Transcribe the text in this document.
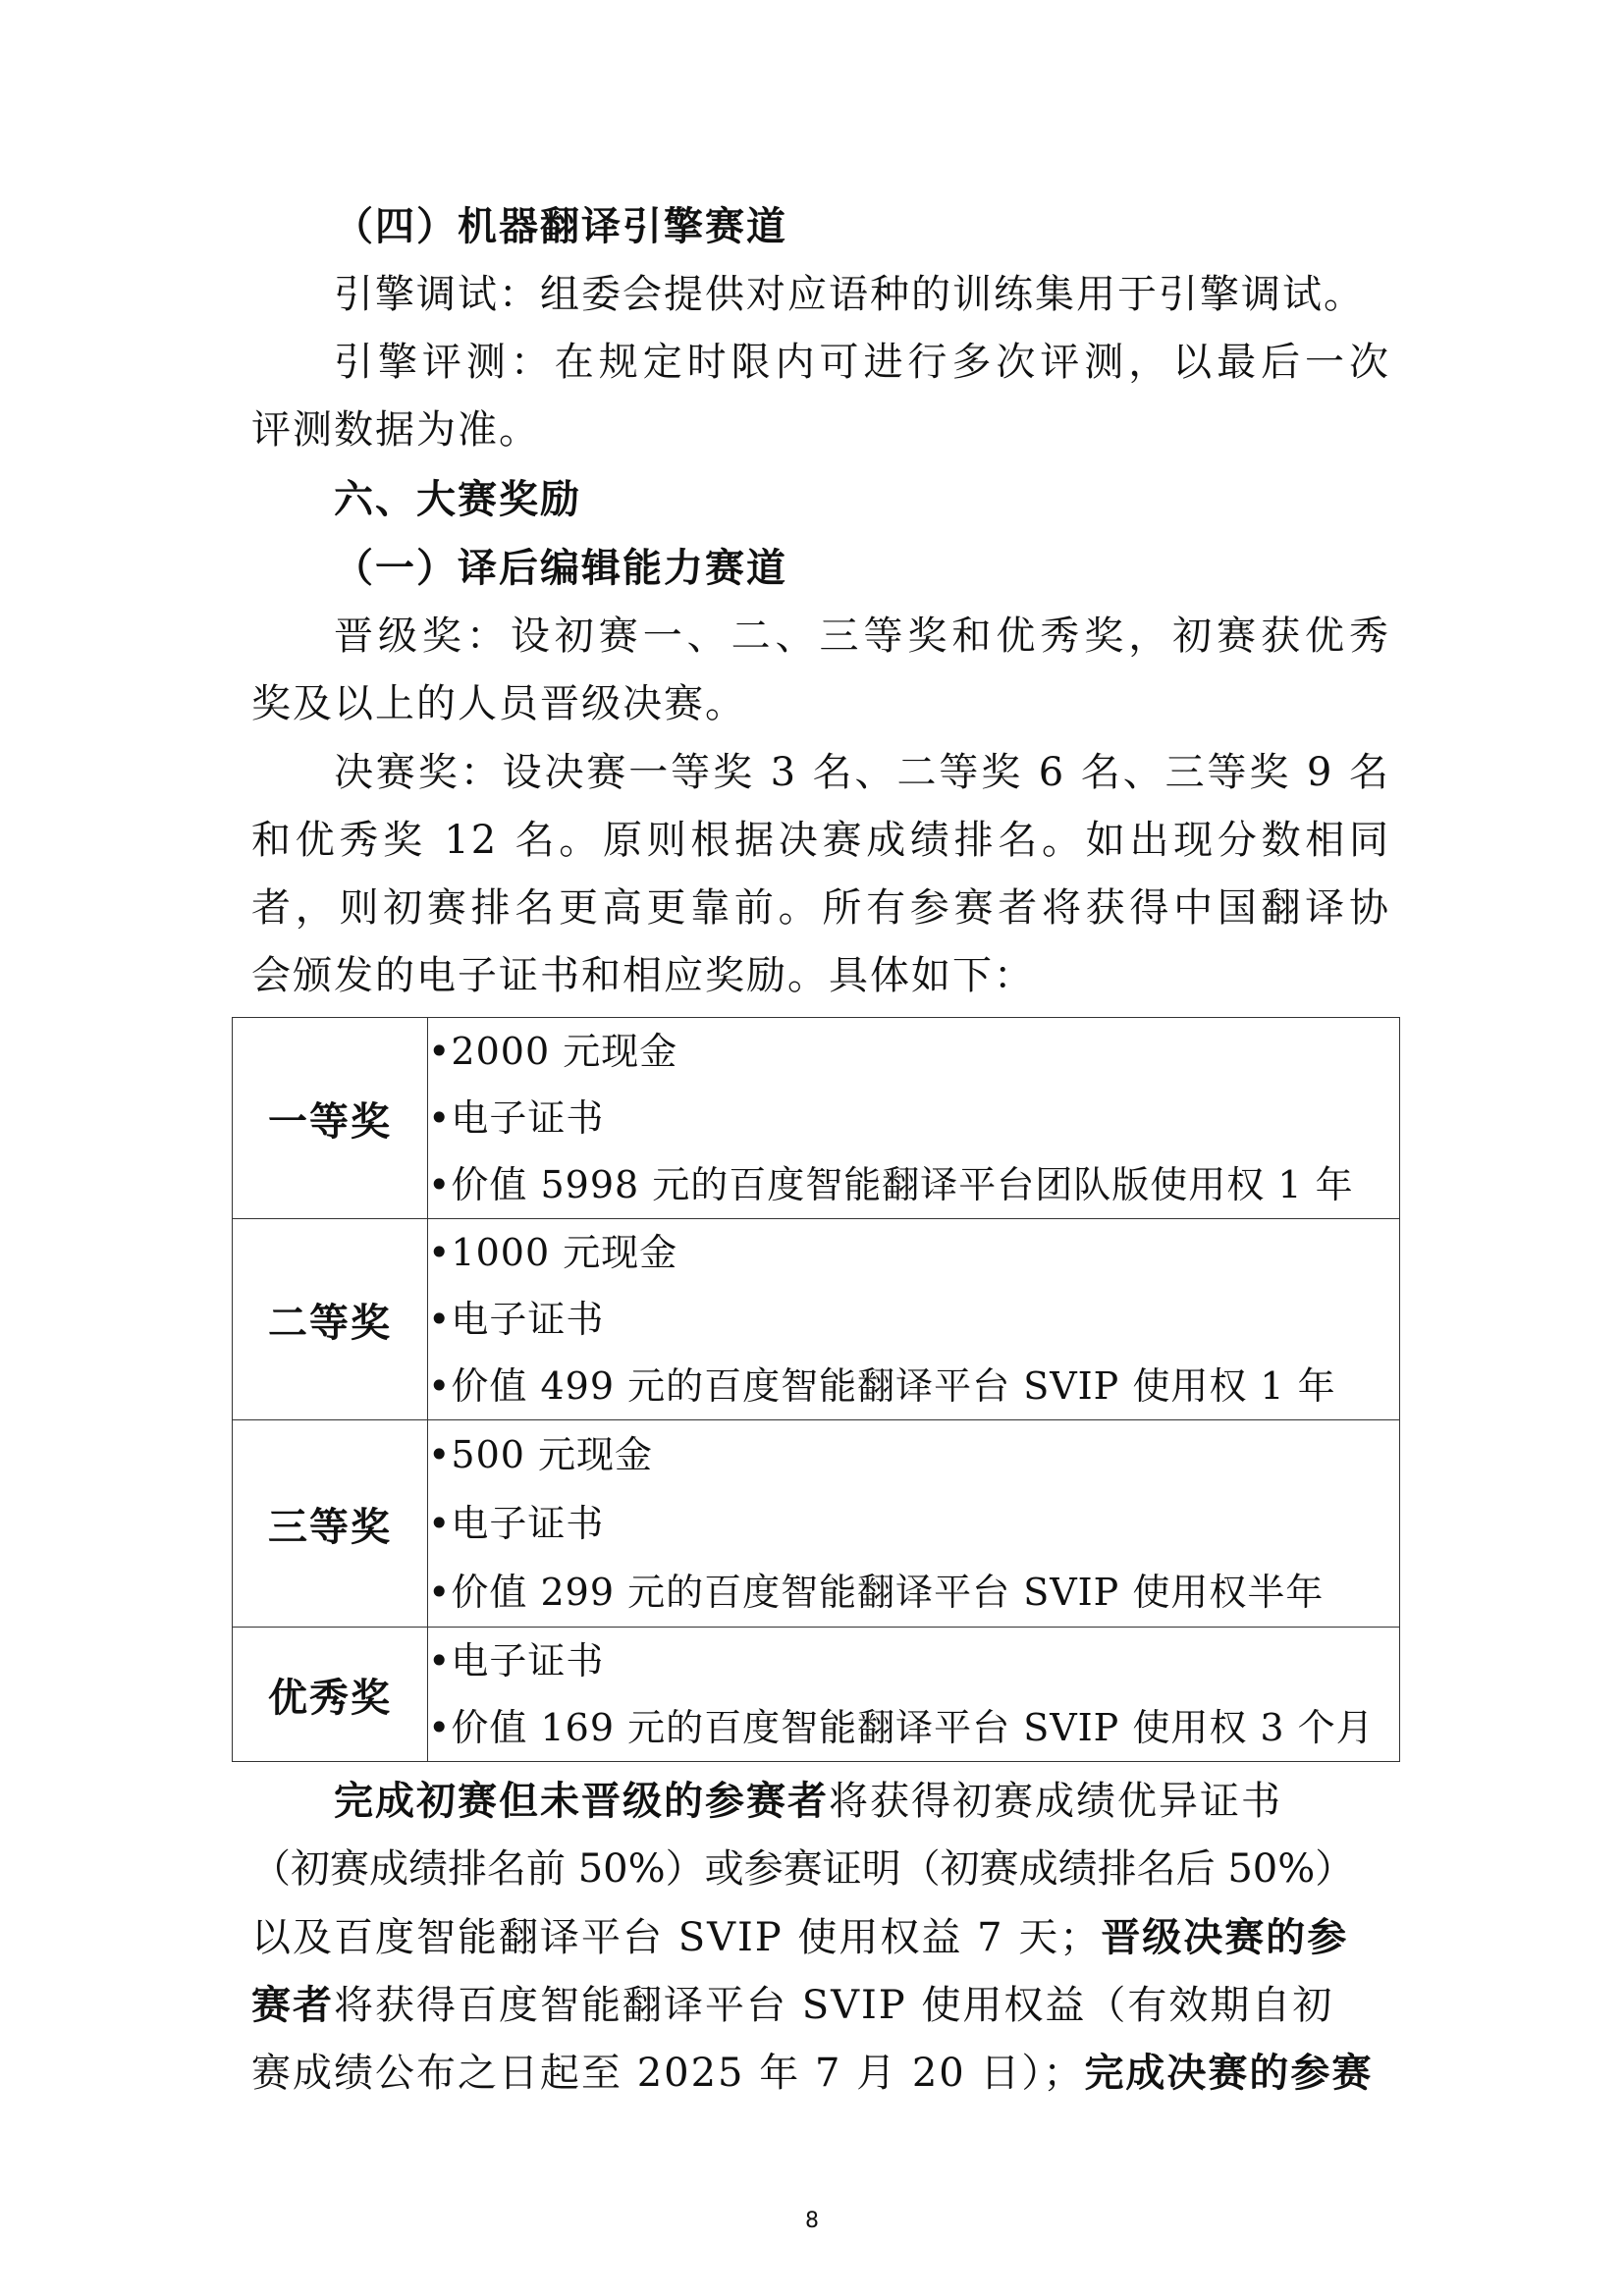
（四）机器翻译引擎赛道
引擎调试：组委会提供对应语种的训练集用于引擎调试。
引擎评测：在规定时限内可进行多次评测，以最后一次
评测数据为准。
六、大赛奖励
（一）译后编辑能力赛道
晋级奖：设初赛一、二、三等奖和优秀奖，初赛获优秀
奖及以上的人员晋级决赛。
决赛奖：设决赛一等奖 3 名、二等奖 6 名、三等奖 9 名
和优秀奖 12 名。原则根据决赛成绩排名。如出现分数相同
者，则初赛排名更高更靠前。所有参赛者将获得中国翻译协
会颁发的电子证书和相应奖励。具体如下：
一等奖	• 2000 元现金
• 电子证书
• 价值 5998 元的百度智能翻译平台团队版使用权 1 年

二等奖	• 1000 元现金
• 电子证书
• 价值 499 元的百度智能翻译平台 SVIP 使用权 1 年

三等奖	• 500 元现金
• 电子证书
• 价值 299 元的百度智能翻译平台 SVIP 使用权半年

优秀奖	• 电子证书
• 价值 169 元的百度智能翻译平台 SVIP 使用权 3 个月
完成初赛但未晋级的参赛者将获得初赛成绩优异证书
（初赛成绩排名前 50%）或参赛证明（初赛成绩排名后 50%）
以及百度智能翻译平台 SVIP 使用权益 7 天；晋级决赛的参
赛者将获得百度智能翻译平台 SVIP 使用权益（有效期自初
赛成绩公布之日起至 2025 年 7 月 20 日）；完成决赛的参赛
8
